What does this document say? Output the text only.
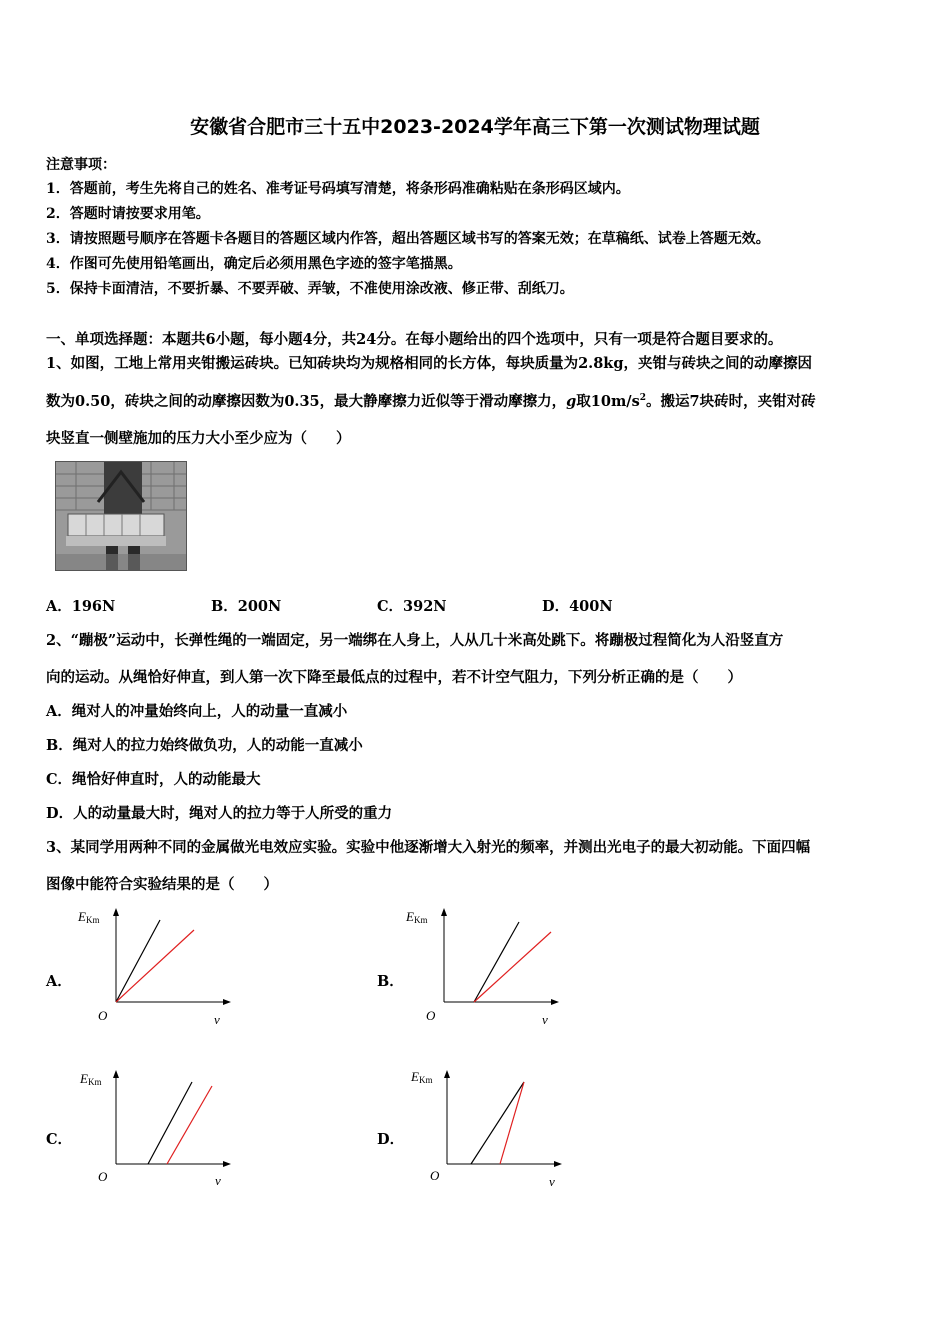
安徽省合肥市三十五中2023-2024学年高三下第一次测试物理试题
注意事项：
1．答题前，考生先将自己的姓名、准考证号码填写清楚，将条形码准确粘贴在条形码区域内。
2．答题时请按要求用笔。
3．请按照题号顺序在答题卡各题目的答题区域内作答，超出答题区域书写的答案无效；在草稿纸、试卷上答题无效。
4．作图可先使用铅笔画出，确定后必须用黑色字迹的签字笔描黑。
5．保持卡面清洁，不要折暴、不要弄破、弄皱，不准使用涂改液、修正带、刮纸刀。
一、单项选择题：本题共6小题，每小题4分，共24分。在每小题给出的四个选项中，只有一项是符合题目要求的。
1、如图，工地上常用夹钳搬运砖块。已知砖块均为规格相同的长方体，每块质量为2.8kg，夹钳与砖块之间的动摩擦因
数为0.50，砖块之间的动摩擦因数为0.35，最大静摩擦力近似等于滑动摩擦力，g取$10m/s^2$。搬运7块砖时，夹钳对砖
块竖直一侧壁施加的压力大小至少应为（　　）
A．196N	B．200N	C．392N	D．400N
2、“蹦极”运动中，长弹性绳的一端固定，另一端绑在人身上，人从几十米高处跳下。将蹦极过程简化为人沿竖直方
向的运动。从绳恰好伸直，到人第一次下降至最低点的过程中，若不计空气阻力，下列分析正确的是（　　）
A．绳对人的冲量始终向上，人的动量一直减小
B．绳对人的拉力始终做负功，人的动能一直减小
C．绳恰好伸直时，人的动能最大
D．人的动量最大时，绳对人的拉力等于人所受的重力
3、某同学用两种不同的金属做光电效应实验。实验中他逐渐增大入射光的频率，并测出光电子的最大初动能。下面四幅
图像中能符合实验结果的是（　　）
A．
EKm
O	ν
B．
EKm
O	ν
C．
EKm
O	ν
D．
EKm
O	ν
